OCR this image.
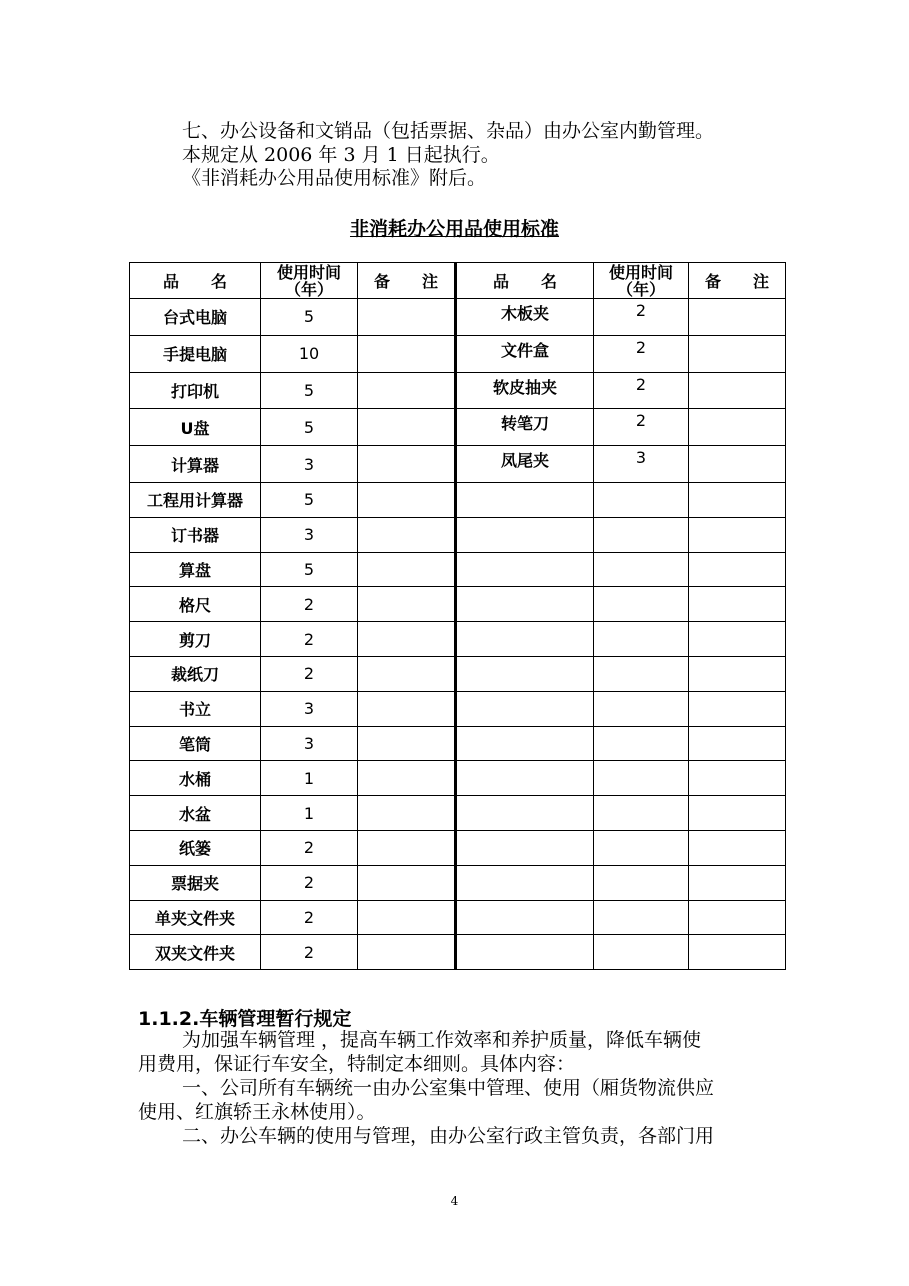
七、办公设备和文销品（包括票据、杂品）由办公室内勤管理。
本规定从 2006 年 3 月 1 日起执行。
《非消耗办公用品使用标准》附后。
非消耗办公用品使用标准
品　　名	使用时间（年）	备　　注	品　　名	使用时间（年）	备　　注
台式电脑	5		木板夹	2	
手提电脑	10		文件盒	2	
打印机	5		软皮抽夹	2	
U盘	5		转笔刀	2	
计算器	3		凤尾夹	3	
工程用计算器	5				
订书器	3				
算盘	5				
格尺	2				
剪刀	2				
裁纸刀	2				
书立	3				
笔筒	3				
水桶	1				
水盆	1				
纸篓	2				
票据夹	2				
单夹文件夹	2				
双夹文件夹	2				
1.1.2.车辆管理暂行规定
为加强车辆管理 ，提高车辆工作效率和养护质量，降低车辆使
用费用，保证行车安全，特制定本细则。具体内容：
一、公司所有车辆统一由办公室集中管理、使用（厢货物流供应
使用、红旗轿王永林使用）。
二、办公车辆的使用与管理，由办公室行政主管负责，各部门用
4
